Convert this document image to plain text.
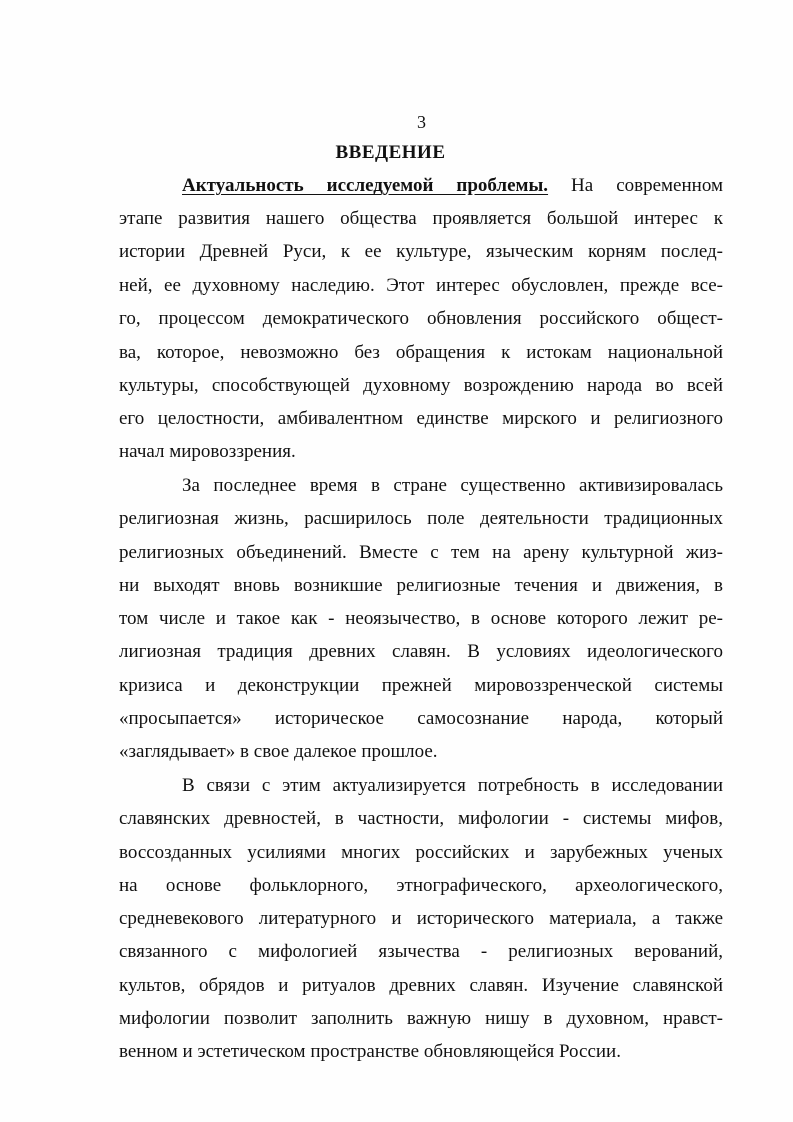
3
ВВЕДЕНИЕ
Актуальность исследуемой проблемы. На современном
этапе развития нашего общества проявляется большой интерес к
истории Древней Руси, к ее культуре, языческим корням послед-
ней, ее духовному наследию. Этот интерес обусловлен, прежде все-
го, процессом демократического обновления российского общест-
ва, которое, невозможно без обращения к истокам национальной
культуры, способствующей духовному возрождению народа во всей
его целостности, амбивалентном единстве мирского и религиозного
начал мировоззрения.
За последнее время в стране существенно активизировалась
религиозная жизнь, расширилось поле деятельности традиционных
религиозных объединений. Вместе с тем на арену культурной жиз-
ни выходят вновь возникшие религиозные течения и движения, в
том числе и такое как - неоязычество, в основе которого лежит ре-
лигиозная традиция древних славян. В условиях идеологического
кризиса и деконструкции прежней мировоззренческой системы
«просыпается» историческое самосознание народа, который
«заглядывает» в свое далекое прошлое.
В связи с этим актуализируется потребность в исследовании
славянских древностей, в частности, мифологии - системы мифов,
воссозданных усилиями многих российских и зарубежных ученых
на основе фольклорного, этнографического, археологического,
средневекового литературного и исторического материала, а также
связанного с мифологией язычества - религиозных верований,
культов, обрядов и ритуалов древних славян. Изучение славянской
мифологии позволит заполнить важную нишу в духовном, нравст-
венном и эстетическом пространстве обновляющейся России.
